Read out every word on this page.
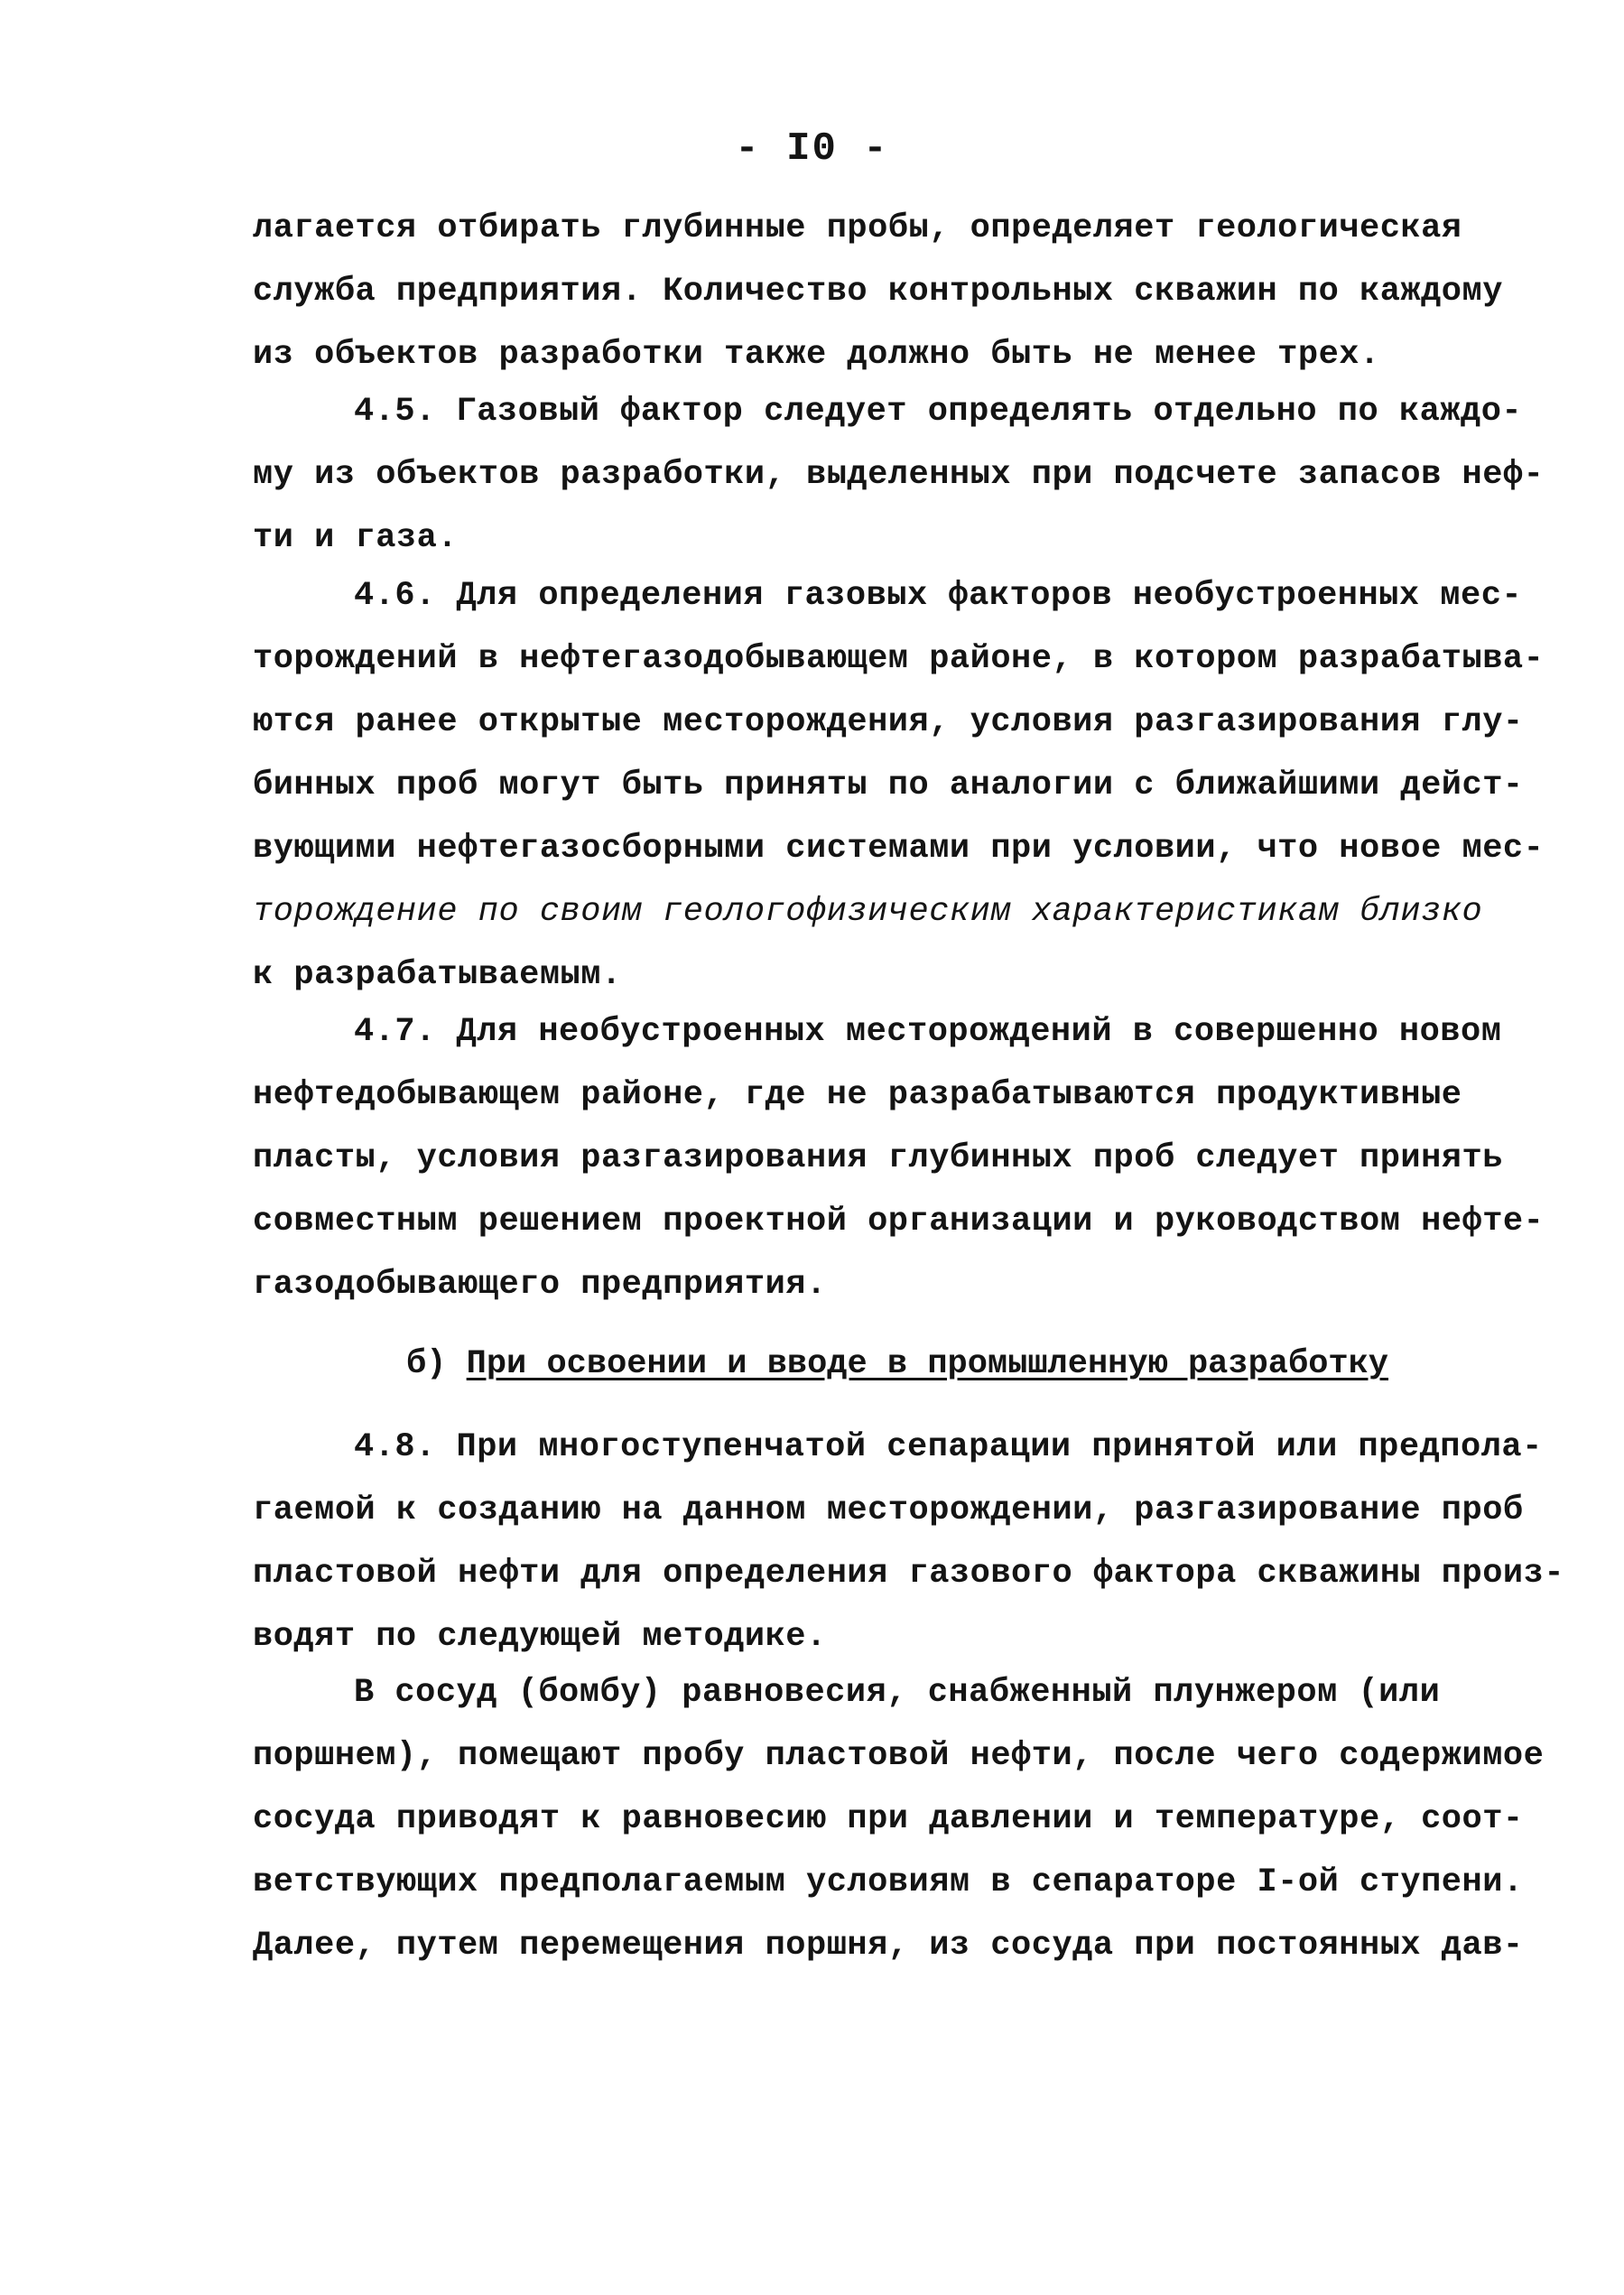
- I0 -
лагается отбирать глубинные пробы, определяет геологическая
служба предприятия. Количество контрольных скважин по каждому
из объектов разработки также должно быть не менее трех.
4.5. Газовый фактор следует определять отдельно по каждо-
му из объектов разработки, выделенных при подсчете запасов неф-
ти и газа.
4.6. Для определения газовых факторов необустроенных мес-
торождений в нефтегазодобывающем районе, в котором разрабатыва-
ются ранее открытые месторождения, условия разгазирования глу-
бинных проб могут быть приняты по аналогии с ближайшими дейст-
вующими нефтегазосборными системами при условии, что новое мес-
торождение по своим геологофизическим характеристикам близко
к разрабатываемым.
4.7. Для необустроенных месторождений в совершенно новом
нефтедобывающем районе, где не разрабатываются продуктивные
пласты, условия разгазирования глубинных проб следует принять
совместным решением проектной организации и руководством нефте-
газодобывающего предприятия.
б) При освоении и вводе в промышленную разработку
4.8. При многоступенчатой сепарации принятой или предпола-
гаемой к созданию на данном месторождении, разгазирование проб
пластовой нефти для определения газового фактора скважины произ-
водят по следующей методике.
В сосуд (бомбу) равновесия, снабженный плунжером (или
поршнем), помещают пробу пластовой нефти, после чего содержимое
сосуда приводят к равновесию при давлении и температуре, соот-
ветствующих предполагаемым условиям в сепараторе I-ой ступени.
Далее, путем перемещения поршня, из сосуда при постоянных дав-
